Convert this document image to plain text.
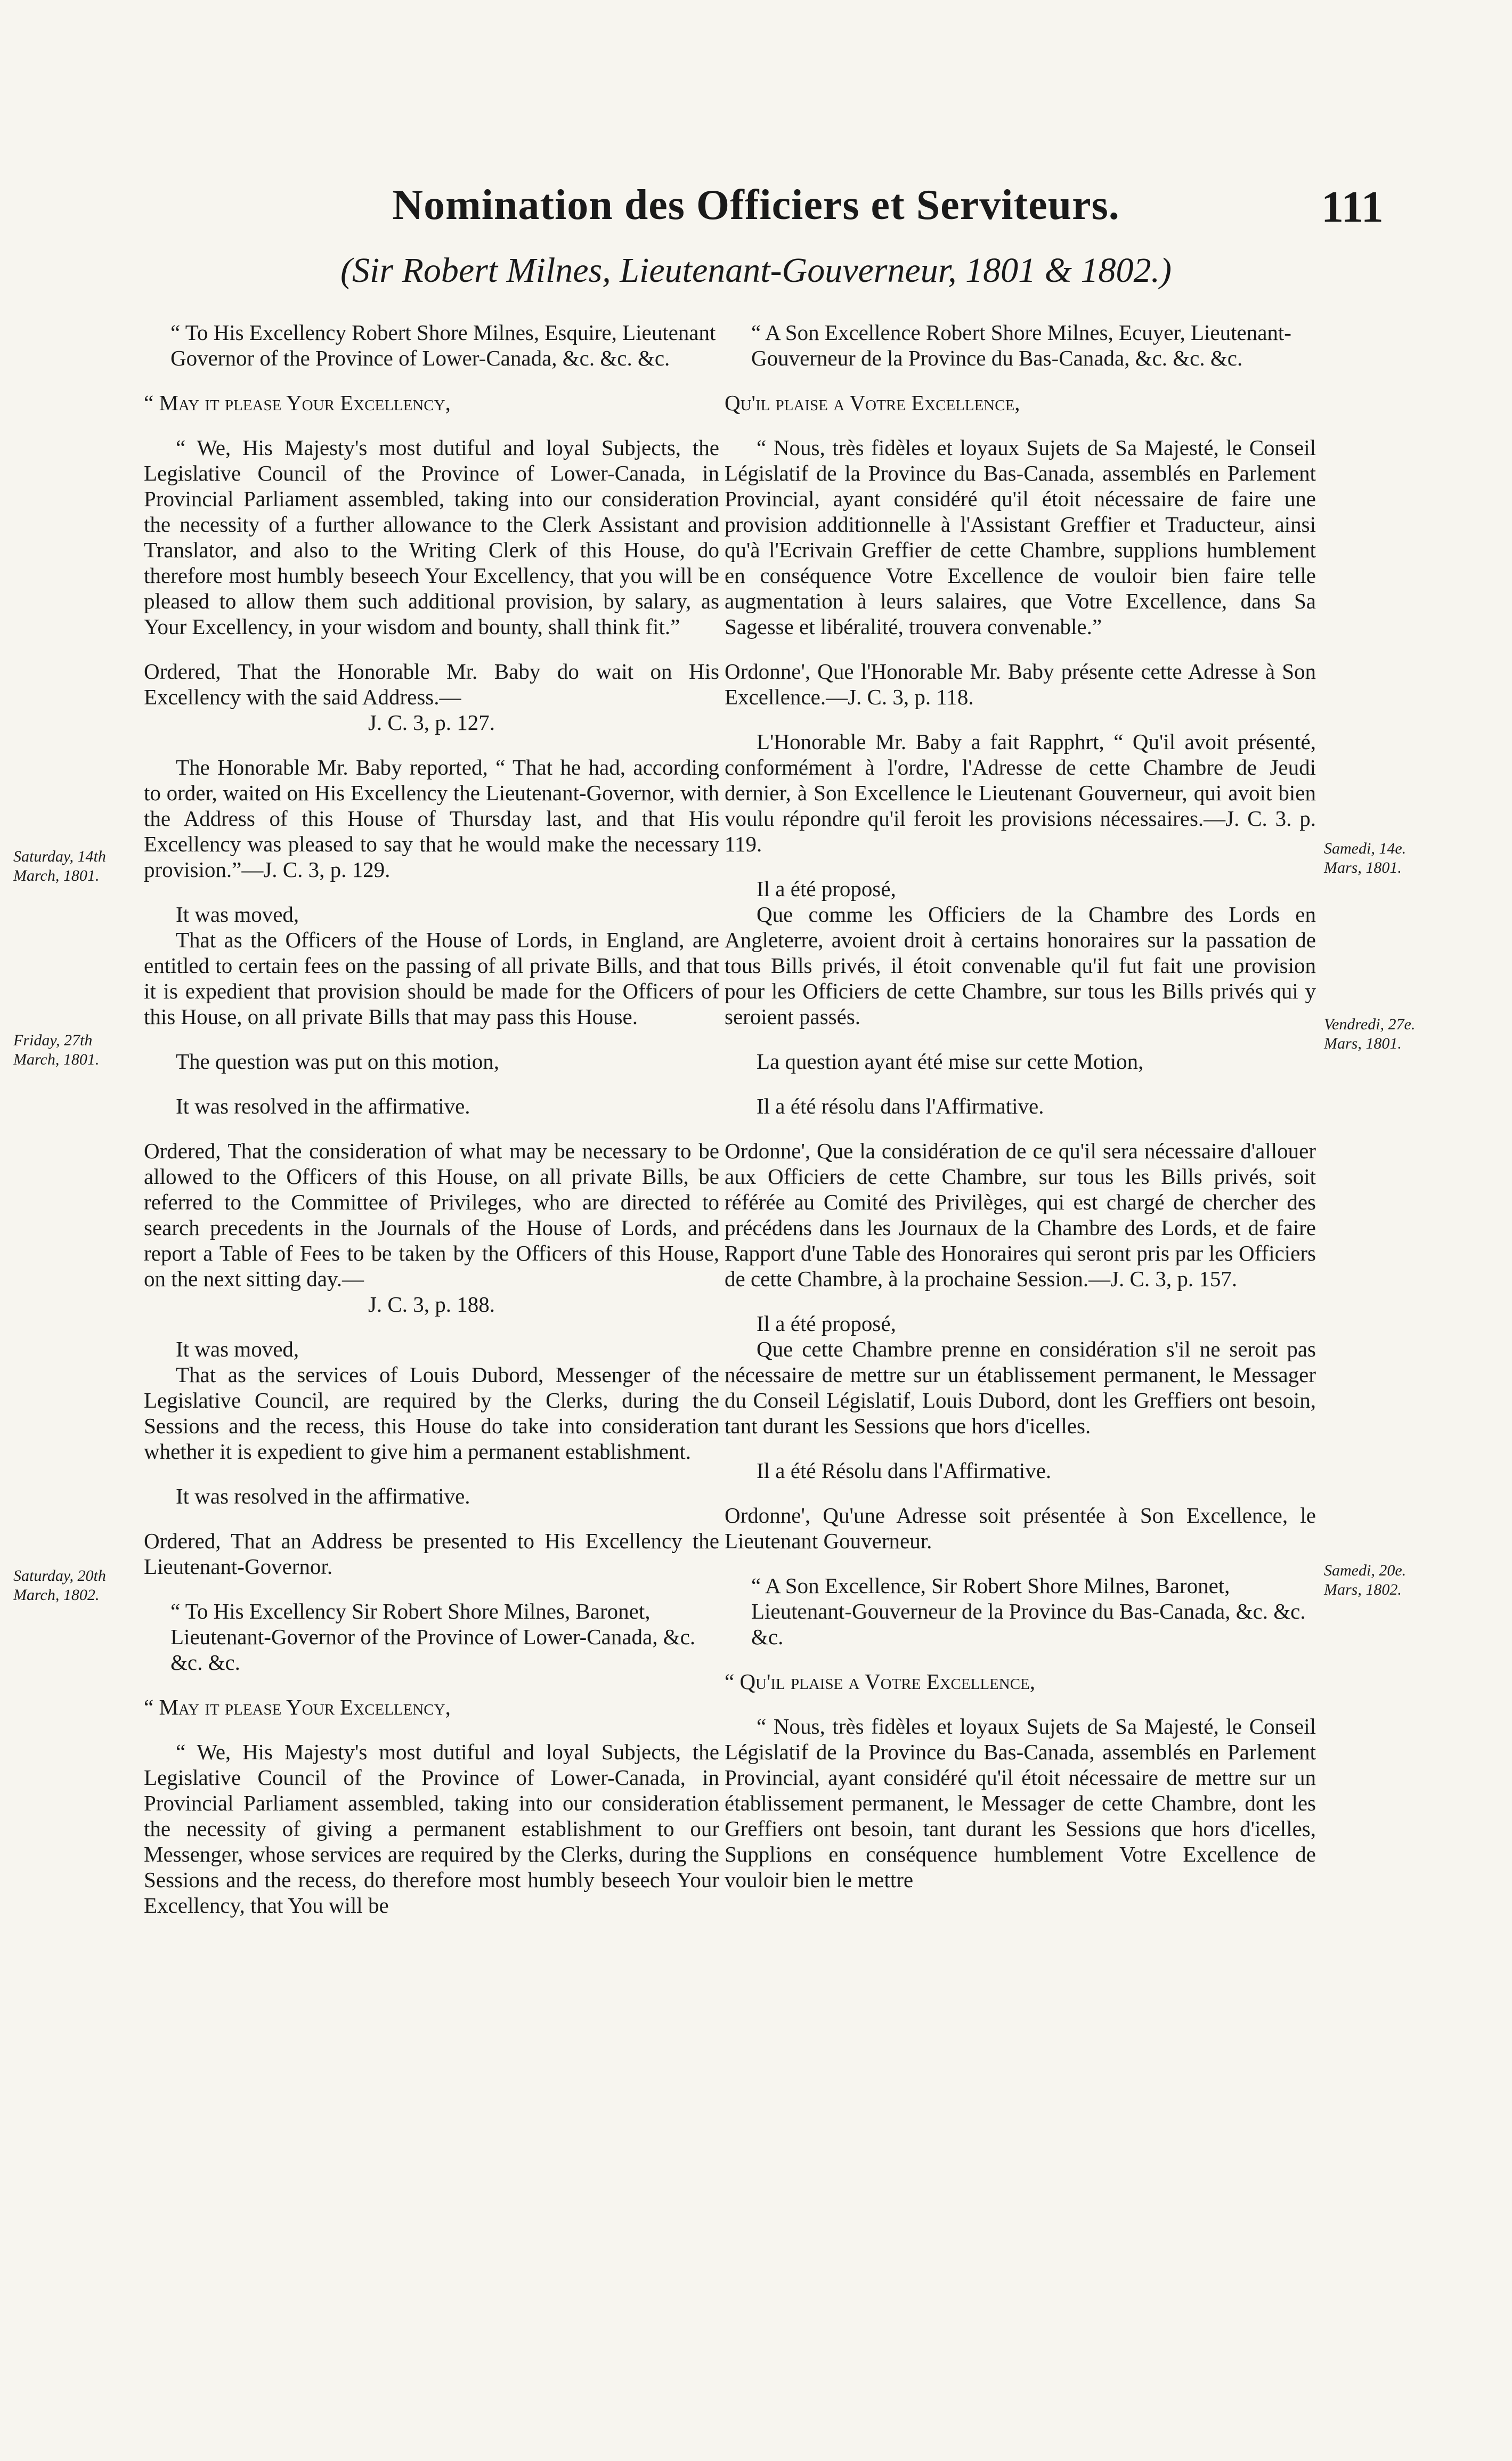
Nomination des Officiers et Serviteurs.	111
(Sir Robert Milnes, Lieutenant-Gouverneur, 1801 & 1802.)

“ To His Excellency Robert Shore Milnes, Esquire, Lieutenant Governor of the Province of Lower-Canada, &c. &c. &c.

“ May it please Your Excellency,

“ We, His Majesty's most dutiful and loyal Subjects, the Legislative Council of the Province of Lower-Canada, in Provincial Parliament assembled, taking into our consideration the necessity of a further allowance to the Clerk Assistant and Translator, and also to the Writing Clerk of this House, do therefore most humbly beseech Your Excellency, that you will be pleased to allow them such additional provision, by salary, as Your Excellency, in your wisdom and bounty, shall think fit.”

Ordered, That the Honorable Mr. Baby do wait on His Excellency with the said Address.—

J. C. 3, p. 127.

The Honorable Mr. Baby reported, “ That he had, according to order, waited on His Excellency the Lieutenant-Governor, with the Address of this House of Thursday last, and that His Excellency was pleased to say that he would make the necessary provision.”—J. C. 3, p. 129.

It was moved,

That as the Officers of the House of Lords, in England, are entitled to certain fees on the passing of all private Bills, and that it is expedient that provision should be made for the Officers of this House, on all private Bills that may pass this House.

The question was put on this motion,

It was resolved in the affirmative.

Ordered, That the consideration of what may be necessary to be allowed to the Officers of this House, on all private Bills, be referred to the Committee of Privileges, who are directed to search precedents in the Journals of the House of Lords, and report a Table of Fees to be taken by the Officers of this House, on the next sitting day.—

J. C. 3, p. 188.

It was moved,

That as the services of Louis Dubord, Messenger of the Legislative Council, are required by the Clerks, during the Sessions and the recess, this House do take into consideration whether it is expedient to give him a permanent establishment.

It was resolved in the affirmative.

Ordered, That an Address be presented to His Excellency the Lieutenant-Governor.

“ To His Excellency Sir Robert Shore Milnes, Baronet, Lieutenant-Governor of the Province of Lower-Canada, &c. &c. &c.

“ May it please Your Excellency,

“ We, His Majesty's most dutiful and loyal Subjects, the Legislative Council of the Province of Lower-Canada, in Provincial Parliament assembled, taking into our consideration the necessity of giving a permanent establishment to our Messenger, whose services are required by the Clerks, during the Sessions and the recess, do therefore most humbly beseech Your Excellency, that You will be

“ A Son Excellence Robert Shore Milnes, Ecuyer, Lieutenant-Gouverneur de la Province du Bas-Canada, &c. &c. &c.

Qu'il plaise a Votre Excellence,

“ Nous, très fidèles et loyaux Sujets de Sa Majesté, le Conseil Législatif de la Province du Bas-Canada, assemblés en Parlement Provincial, ayant considéré qu'il étoit nécessaire de faire une provision additionnelle à l'Assistant Greffier et Traducteur, ainsi qu'à l'Ecrivain Greffier de cette Chambre, supplions humblement en conséquence Votre Excellence de vouloir bien faire telle augmentation à leurs salaires, que Votre Excellence, dans Sa Sagesse et libéralité, trouvera convenable.”

Ordonne', Que l'Honorable Mr. Baby présente cette Adresse à Son Excellence.—J. C. 3, p. 118.

L'Honorable Mr. Baby a fait Rapphrt, “ Qu'il avoit présenté, conformément à l'ordre, l'Adresse de cette Chambre de Jeudi dernier, à Son Excellence le Lieutenant Gouverneur, qui avoit bien voulu répondre qu'il feroit les provisions nécessaires.—J. C. 3. p. 119.

Il a été proposé,

Que comme les Officiers de la Chambre des Lords en Angleterre, avoient droit à certains honoraires sur la passation de tous Bills privés, il étoit convenable qu'il fut fait une provision pour les Officiers de cette Chambre, sur tous les Bills privés qui y seroient passés.

La question ayant été mise sur cette Motion,

Il a été résolu dans l'Affirmative.

Ordonne', Que la considération de ce qu'il sera nécessaire d'allouer aux Officiers de cette Chambre, sur tous les Bills privés, soit référée au Comité des Privilèges, qui est chargé de chercher des précédens dans les Journaux de la Chambre des Lords, et de faire Rapport d'une Table des Honoraires qui seront pris par les Officiers de cette Chambre, à la prochaine Session.—J. C. 3, p. 157.

Il a été proposé,

Que cette Chambre prenne en considération s'il ne seroit pas nécessaire de mettre sur un établissement permanent, le Messager du Conseil Législatif, Louis Dubord, dont les Greffiers ont besoin, tant durant les Sessions que hors d'icelles.

Il a été Résolu dans l'Affirmative.

Ordonne', Qu'une Adresse soit présentée à Son Excellence, le Lieutenant Gouverneur.

“ A Son Excellence, Sir Robert Shore Milnes, Baronet, Lieutenant-Gouverneur de la Province du Bas-Canada, &c. &c. &c.

“ Qu'il plaise a Votre Excellence,

“ Nous, très fidèles et loyaux Sujets de Sa Majesté, le Conseil Législatif de la Province du Bas-Canada, assemblés en Parlement Provincial, ayant considéré qu'il étoit nécessaire de mettre sur un établissement permanent, le Messager de cette Chambre, dont les Greffiers ont besoin, tant durant les Sessions que hors d'icelles, Supplions en conséquence humblement Votre Excellence de vouloir bien le mettre

Saturday, 14th March, 1801.
Friday, 27th March, 1801.
Saturday, 20th March, 1802.
Samedi, 14e. Mars, 1801.
Vendredi, 27e. Mars, 1801.
Samedi, 20e. Mars, 1802.
